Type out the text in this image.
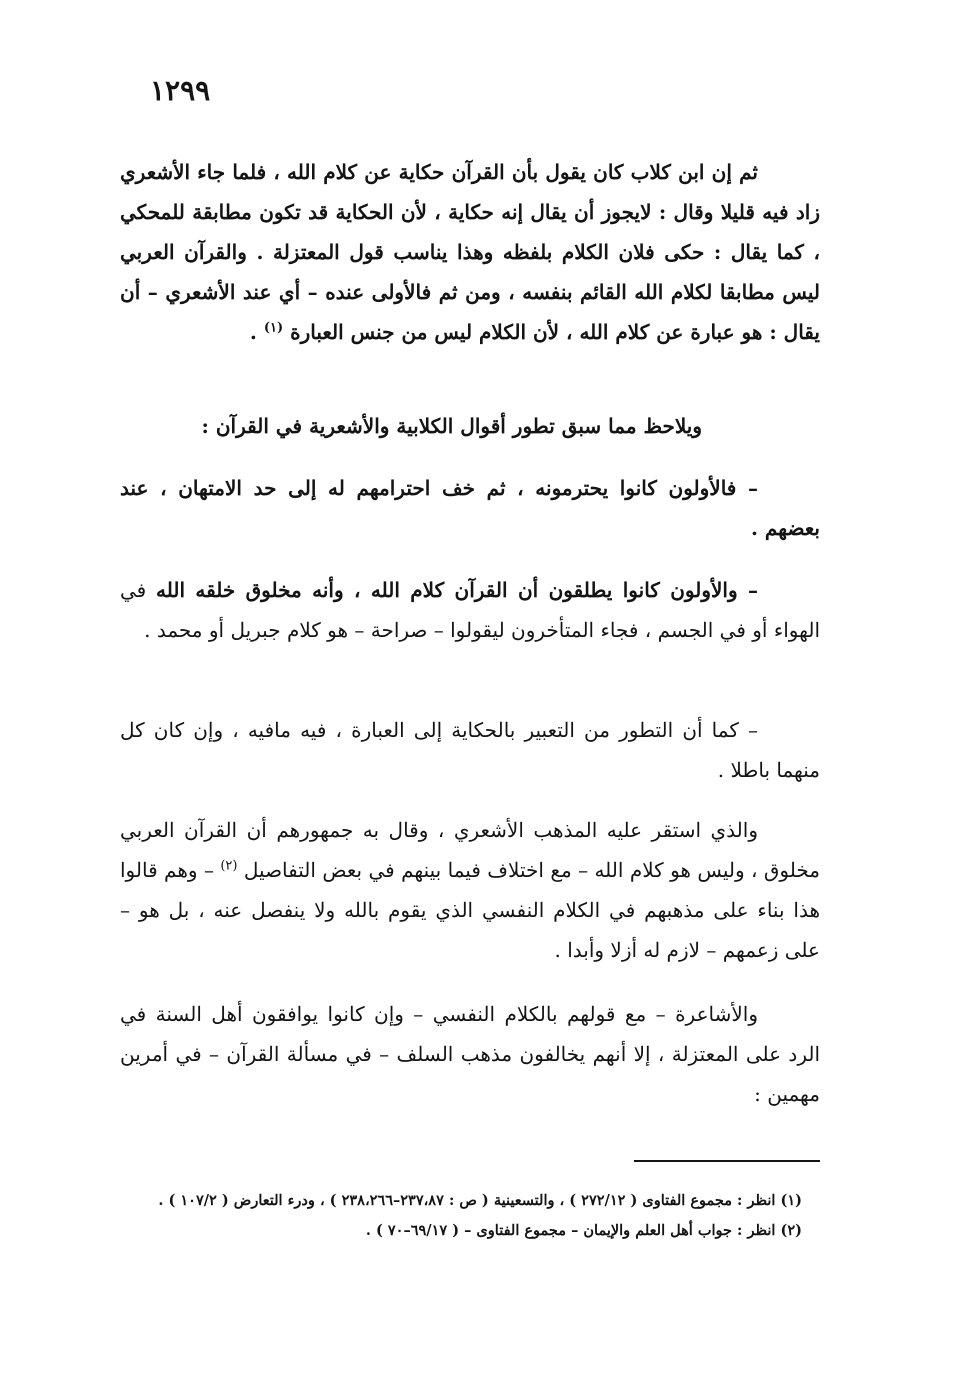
١٢٩٩

ثم إن ابن كلاب كان يقول بأن القرآن حكاية عن كلام الله ، فلما جاء الأشعري زاد فيه قليلا وقال : لايجوز أن يقال إنه حكاية ، لأن الحكاية قد تكون مطابقة للمحكي ، كما يقال : حكى فلان الكلام بلفظه وهذا يناسب قول المعتزلة . والقرآن العربي ليس مطابقا لكلام الله القائم بنفسه ، ومن ثم فالأولى عنده – أي عند الأشعري – أن يقال : هو عبارة عن كلام الله ، لأن الكلام ليس من جنس العبارة $^{(١)}$ .

ويلاحظ مما سبق تطور أقوال الكلابية والأشعرية في القرآن :

– فالأولون كانوا يحترمونه ، ثم خف احترامهم له إلى حد الامتهان ، عند بعضهم .

– والأولون كانوا يطلقون أن القرآن كلام الله ، وأنه مخلوق خلقه الله في الهواء أو في الجسم ، فجاء المتأخرون ليقولوا – صراحة – هو كلام جبريل أو محمد .

– كما أن التطور من التعبير بالحكاية إلى العبارة ، فيه مافيه ، وإن كان كل منهما باطلا .

والذي استقر عليه المذهب الأشعري ، وقال به جمهورهم أن القرآن العربي مخلوق ، وليس هو كلام الله – مع اختلاف فيما بينهم في بعض التفاصيل $^{(٢)}$ – وهم قالوا هذا بناء على مذهبهم في الكلام النفسي الذي يقوم بالله ولا ينفصل عنه ، بل هو – على زعمهم – لازم له أزلا وأبدا .

والأشاعرة – مع قولهم بالكلام النفسي – وإن كانوا يوافقون أهل السنة في الرد على المعتزلة ، إلا أنهم يخالفون مذهب السلف – في مسألة القرآن – في أمرين مهمين :

(١) انظر : مجموع الفتاوى ( ٢٧٢/١٢ ) ، والتسعينية ( ص : ٢٣٧،٨٧–٢٣٨،٢٦٦ ) ، ودرء التعارض ( ١٠٧/٢ ) .
(٢) انظر : جواب أهل العلم والإيمان – مجموع الفتاوى – ( ٦٩/١٧–٧٠ ) .
